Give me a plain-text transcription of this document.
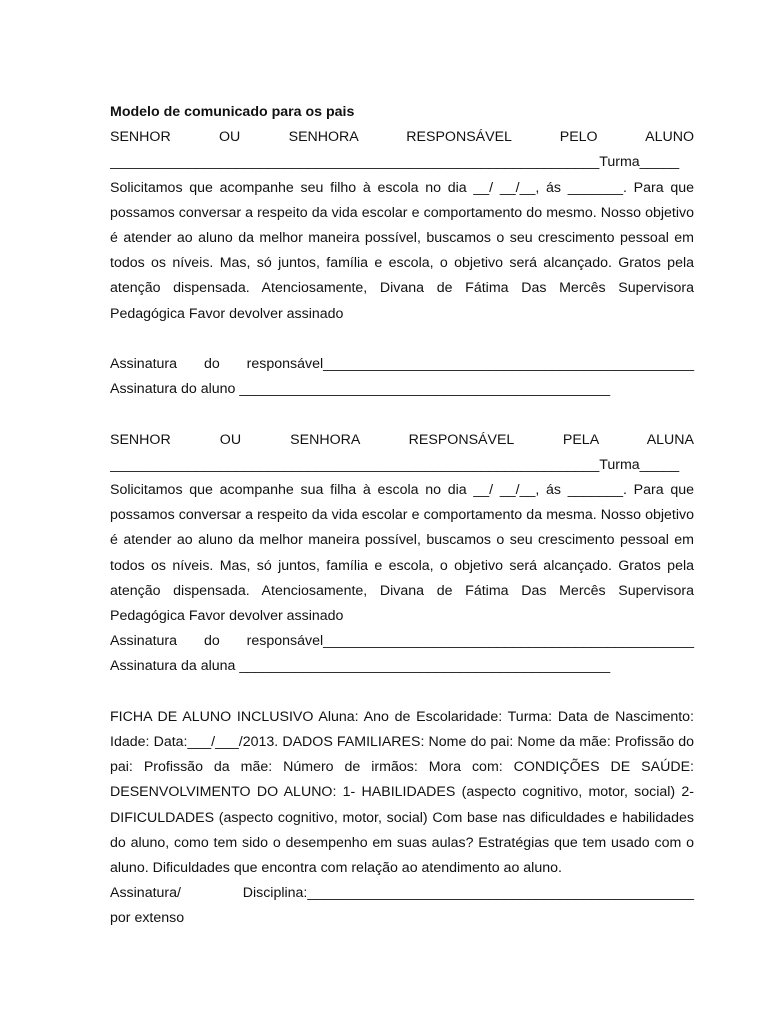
Modelo de comunicado para os pais
SENHOR OU SENHORA RESPONSÁVEL PELO ALUNO
______________________________________________________________Turma_____
Solicitamos que acompanhe seu filho à escola no dia __/ __/__, ás _______. Para que possamos conversar a respeito da vida escolar e comportamento do mesmo. Nosso objetivo é atender ao aluno da melhor maneira possível, buscamos o seu crescimento pessoal em todos os níveis. Mas, só juntos, família e escola, o objetivo será alcançado. Gratos pela atenção dispensada. Atenciosamente, Divana de Fátima Das Mercês Supervisora Pedagógica Favor devolver assinado
Assinatura do responsável_______________________________________________
Assinatura do aluno _______________________________________________
SENHOR OU SENHORA RESPONSÁVEL PELA ALUNA
______________________________________________________________Turma_____
Solicitamos que acompanhe sua filha à escola no dia __/ __/__, ás _______. Para que possamos conversar a respeito da vida escolar e comportamento da mesma. Nosso objetivo é atender ao aluno da melhor maneira possível, buscamos o seu crescimento pessoal em todos os níveis. Mas, só juntos, família e escola, o objetivo será alcançado. Gratos pela atenção dispensada. Atenciosamente, Divana de Fátima Das Mercês Supervisora Pedagógica Favor devolver assinado
Assinatura do responsável_______________________________________________
Assinatura da aluna _______________________________________________
FICHA DE ALUNO INCLUSIVO Aluna: Ano de Escolaridade: Turma: Data de Nascimento: Idade: Data:___/___/2013. DADOS FAMILIARES: Nome do pai: Nome da mãe: Profissão do pai: Profissão da mãe: Número de irmãos: Mora com: CONDIÇÕES DE SAÚDE: DESENVOLVIMENTO DO ALUNO: 1- HABILIDADES (aspecto cognitivo, motor, social) 2- DIFICULDADES (aspecto cognitivo, motor, social) Com base nas dificuldades e habilidades do aluno, como tem sido o desempenho em suas aulas? Estratégias que tem usado com o aluno. Dificuldades que encontra com relação ao atendimento ao aluno.
Assinatura/ Disciplina:_________________________________________________
por extenso
